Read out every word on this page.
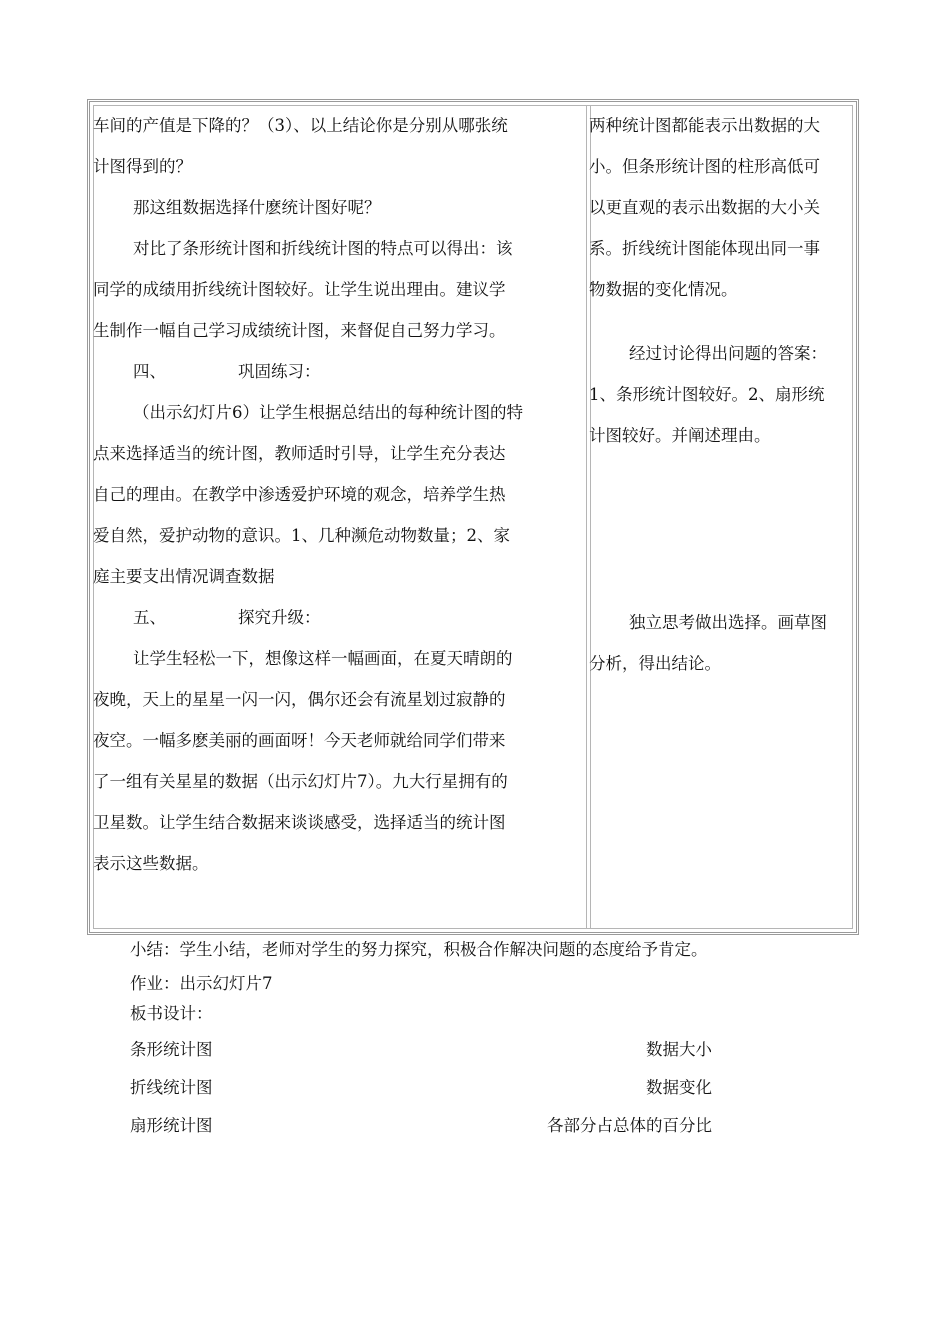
车间的产值是下降的？（3）、以上结论你是分别从哪张统
计图得到的？
那这组数据选择什麽统计图好呢？
对比了条形统计图和折线统计图的特点可以得出：该
同学的成绩用折线统计图较好。让学生说出理由。建议学
生制作一幅自己学习成绩统计图，来督促自己努力学习。
四、	巩固练习：
（出示幻灯片6）让学生根据总结出的每种统计图的特
点来选择适当的统计图，教师适时引导，让学生充分表达
自己的理由。在教学中渗透爱护环境的观念，培养学生热
爱自然，爱护动物的意识。1、几种濒危动物数量；2、家
庭主要支出情况调查数据
五、	探究升级：
让学生轻松一下，想像这样一幅画面，在夏天晴朗的
夜晚，天上的星星一闪一闪，偶尔还会有流星划过寂静的
夜空。一幅多麽美丽的画面呀！今天老师就给同学们带来
了一组有关星星的数据（出示幻灯片7）。九大行星拥有的
卫星数。让学生结合数据来谈谈感受，选择适当的统计图
表示这些数据。
两种统计图都能表示出数据的大
小。但条形统计图的柱形高低可
以更直观的表示出数据的大小关
系。折线统计图能体现出同一事
物数据的变化情况。
经过讨论得出问题的答案：
1、条形统计图较好。2、扇形统
计图较好。并阐述理由。
独立思考做出选择。画草图
分析，得出结论。
小结：学生小结，老师对学生的努力探究，积极合作解决问题的态度给予肯定。
作业：出示幻灯片7
板书设计：
条形统计图	数据大小
折线统计图	数据变化
扇形统计图	各部分占总体的百分比
